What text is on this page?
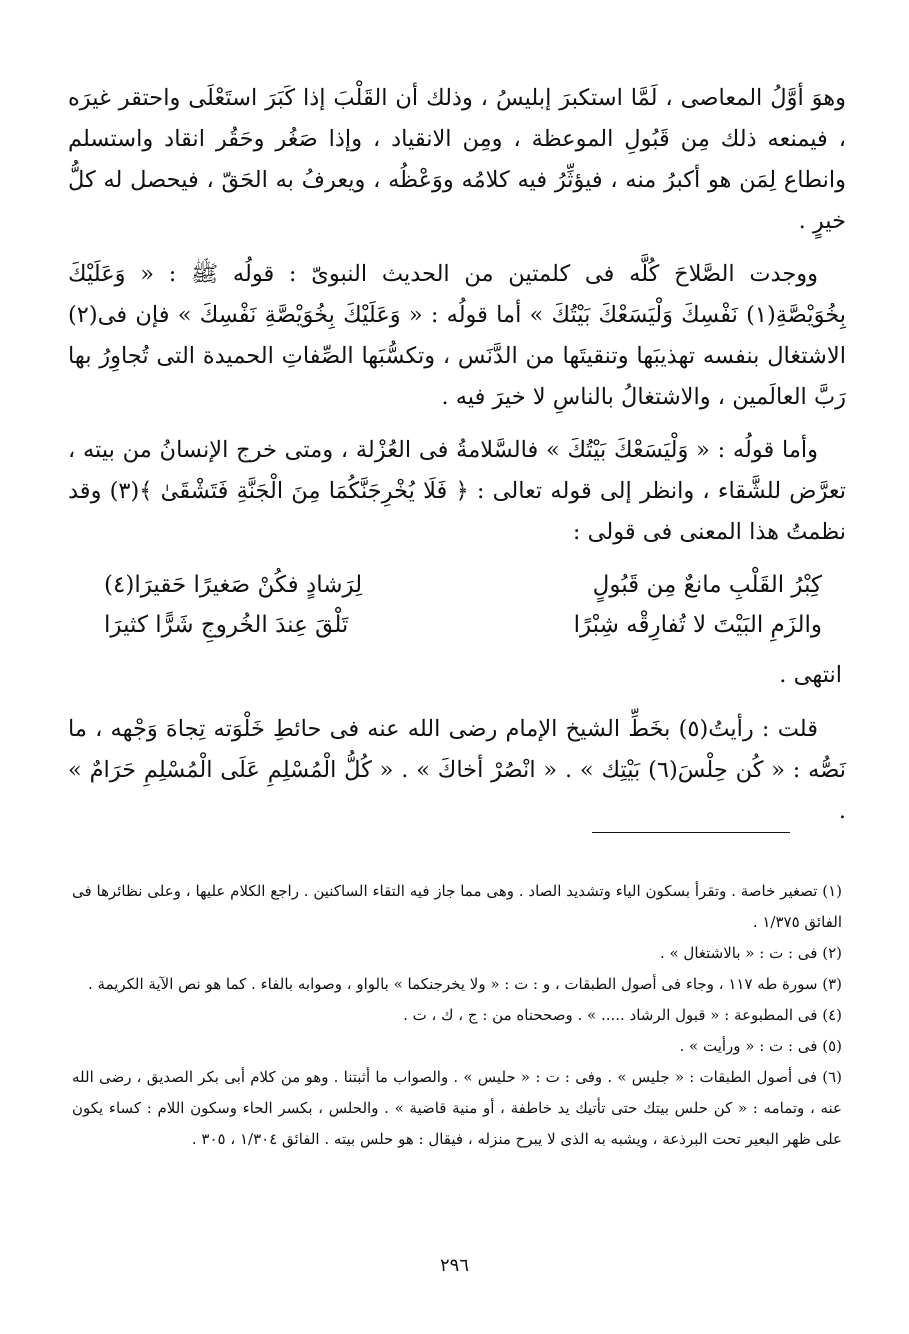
وهوَ أوَّلُ المعاصى ، لَمَّا استكبرَ إبليسُ ، وذلك أن القَلْبَ إذا كَبَرَ استَعْلَى واحتقر غيرَه ، فيمنعه ذلك مِن قَبُولِ الموعظة ، ومِن الانقياد ، وإذا صَغُر وحَقُر انقاد واستسلم وانطاع لِمَن هو أكبرُ منه ، فيؤثِّرُ فيه كلامُه ووَعْظُه ، ويعرفُ به الحَقّ ، فيحصل له كلُّ خيرٍ .

ووجدت الصَّلاحَ كُلَّه فى كلمتين من الحديث النبوىّ : قولُه ﷺ : « وَعَلَيْكَ بِخُوَيْصَّةِ(١) نَفْسِكَ وَلْيَسَعْكَ بَيْتُكَ » أما قولُه : « وَعَلَيْكَ بِخُوَيْصَّةِ نَفْسِكَ » فإن فى(٢) الاشتغال بنفسه تهذيبَها وتنقيتَها من الدَّنَس ، وتكسُّبَها الصِّفاتِ الحميدة التى تُجاوِرُ بها رَبَّ العالَمين ، والاشتغالُ بالناسِ لا خيرَ فيه .

وأما قولُه : « وَلْيَسَعْكَ بَيْتُكَ » فالسَّلامةُ فى العُزْلة ، ومتى خرج الإنسانُ من بيته ، تعرَّض للشَّقاء ، وانظر إلى قوله تعالى : ﴿ فَلَا يُخْرِجَنَّكُمَا مِنَ الْجَنَّةِ فَتَشْقَىٰ ﴾(٣) وقد نظمتُ هذا المعنى فى قولى :

كِبْرُ القَلْبِ مانعٌ مِن قَبُولٍ
لِرَشادٍ فكُنْ صَغيرًا حَقيرَا(٤)
والزَمِ البَيْتَ لا تُفارِقْه شِبْرًا
تَلْقَ عِندَ الخُروجِ شَرًّا كثيرَا
انتهى .

قلت : رأيتُ(٥) بخَطِّ الشيخ الإمام رضى الله عنه فى حائطِ خَلْوَته تِجاهَ وَجْهه ، ما نَصُّه : « كُن حِلْسَ(٦) بَيْتِك » . « انْصُرْ أخاكَ » . « كُلُّ الْمُسْلِمِ عَلَى الْمُسْلِمِ حَرَامٌ » .

(١) تصغير خاصة . وتقرأ بسكون الياء وتشديد الصاد . وهى مما جاز فيه التقاء الساكنين . راجع الكلام عليها ، وعلى نظائرها فى الفائق ١/٣٧٥ .

(٢) فى : ت : « بالاشتغال » .

(٣) سورة طه ١١٧ ، وجاء فى أصول الطبقات ، و : ت : « ولا يخرجنكما » بالواو ، وصوابه بالفاء . كما هو نص الآية الكريمة .

(٤) فى المطبوعة : « قبول الرشاد ..... » . وصححناه من : ج ، ك ، ت .

(٥) فى : ت : « ورأيت » .

(٦) فى أصول الطبقات : « جليس » . وفى : ت : « حليس » . والصواب ما أثبتنا . وهو من كلام أبى بكر الصديق ، رضى الله عنه ، وتمامه : « كن حلس بيتك حتى تأتيك يد خاطفة ، أو منية قاضية » . والحلس ، بكسر الحاء وسكون اللام : كساء يكون على ظهر البعير تحت البرذعة ، ويشبه به الذى لا يبرح منزله ، فيقال : هو حلس بيته . الفائق ١/٣٠٤ ، ٣٠٥ .

٢٩٦
